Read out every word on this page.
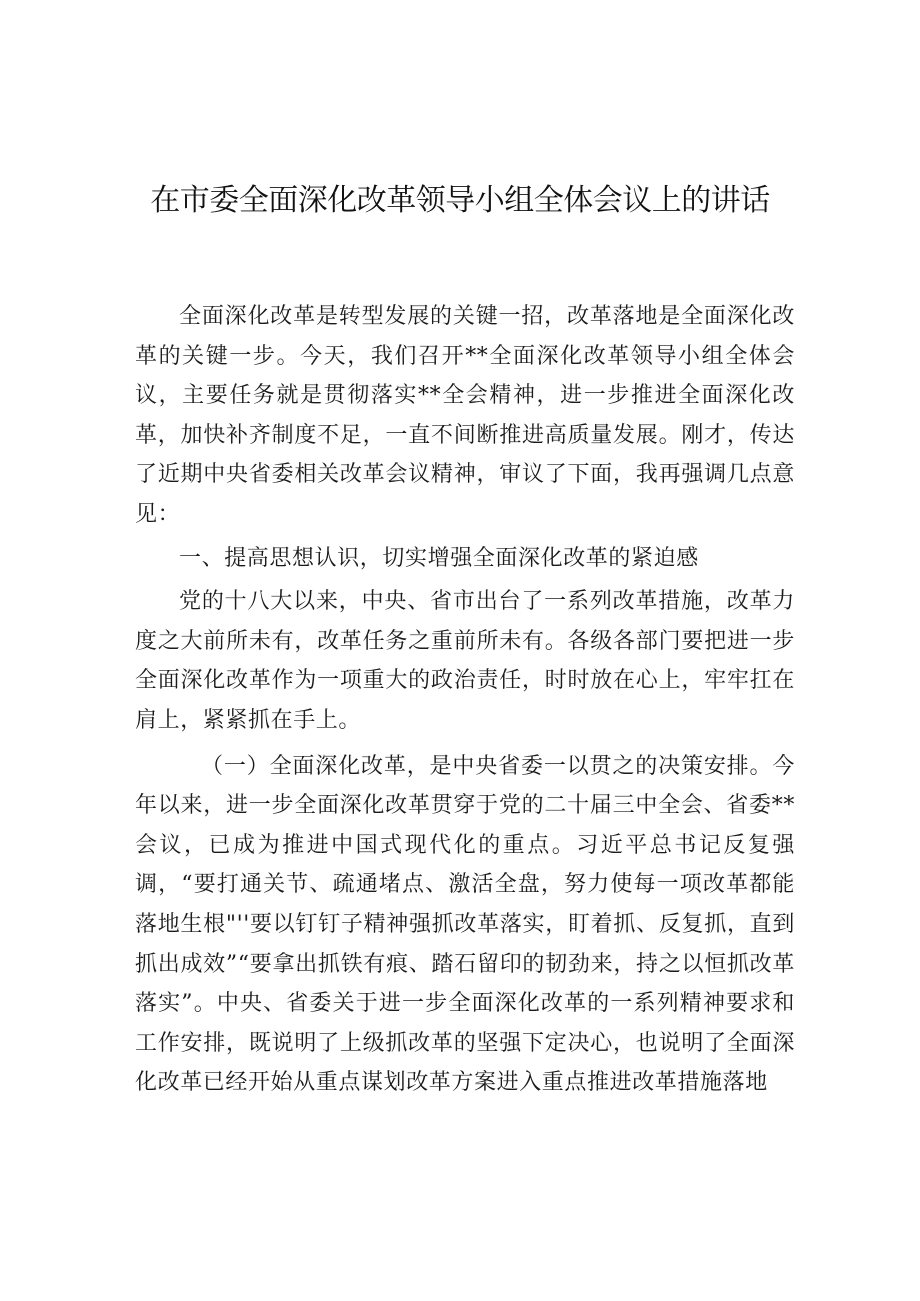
在市委全面深化改革领导小组全体会议上的讲话

全面深化改革是转型发展的关键一招，改革落地是全面深化改革的关键一步。今天，我们召开**全面深化改革领导小组全体会议，主要任务就是贯彻落实**全会精神，进一步推进全面深化改革，加快补齐制度不足，一直不间断推进高质量发展。刚才，传达了近期中央省委相关改革会议精神，审议了下面，我再强调几点意见：

一、提高思想认识，切实增强全面深化改革的紧迫感

党的十八大以来，中央、省市出台了一系列改革措施，改革力度之大前所未有，改革任务之重前所未有。各级各部门要把进一步全面深化改革作为一项重大的政治责任，时时放在心上，牢牢扛在肩上，紧紧抓在手上。

（一）全面深化改革，是中央省委一以贯之的决策安排。今年以来，进一步全面深化改革贯穿于党的二十届三中全会、省委**会议，已成为推进中国式现代化的重点。习近平总书记反复强调，“要打通关节、疏通堵点、激活全盘，努力使每一项改革都能落地生根"''要以钉钉子精神强抓改革落实，盯着抓、反复抓，直到抓出成效”“要拿出抓铁有痕、踏石留印的韧劲来，持之以恒抓改革落实”。中央、省委关于进一步全面深化改革的一系列精神要求和工作安排，既说明了上级抓改革的坚强下定决心，也说明了全面深化改革已经开始从重点谋划改革方案进入重点推进改革措施落地
